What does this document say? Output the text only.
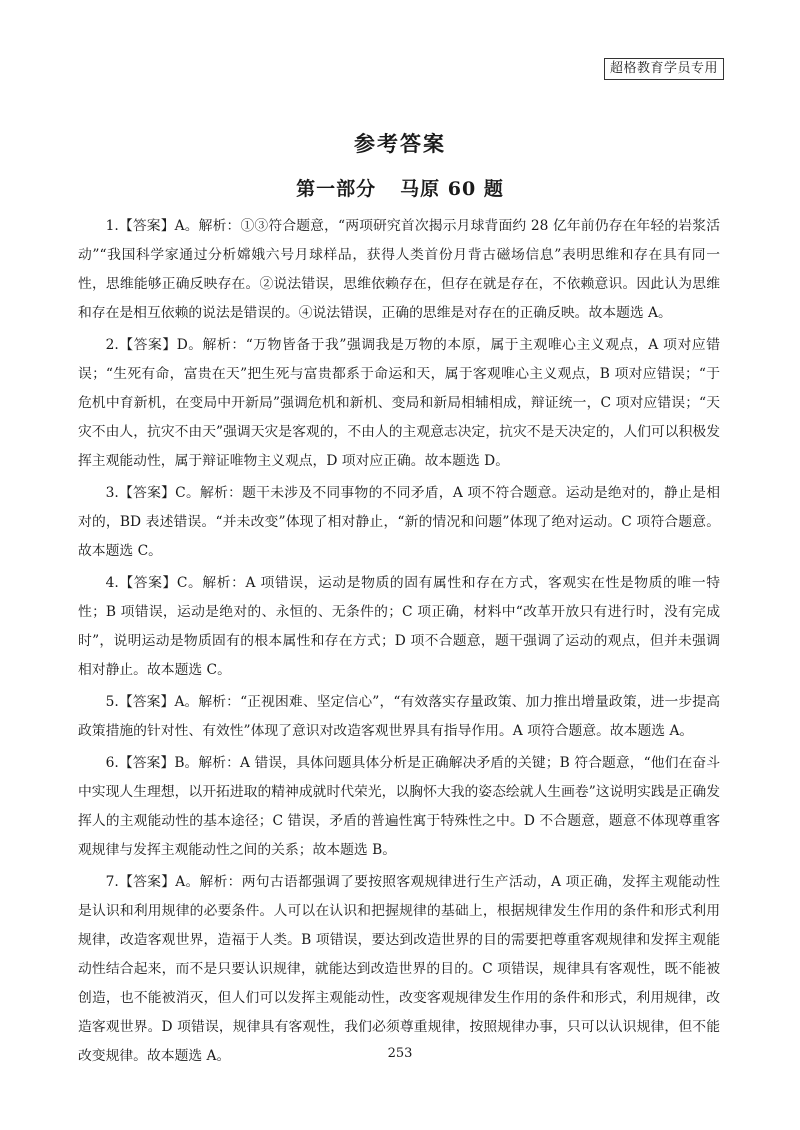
超格教育学员专用
参考答案
第一部分 马原 60 题

1.【答案】A。解析：①③符合题意，“两项研究首次揭示月球背面约 28 亿年前仍存在年轻的岩浆活动”“我国科学家通过分析嫦娥六号月球样品，获得人类首份月背古磁场信息”表明思维和存在具有同一性，思维能够正确反映存在。②说法错误，思维依赖存在，但存在就是存在，不依赖意识。因此认为思维和存在是相互依赖的说法是错误的。④说法错误，正确的思维是对存在的正确反映。故本题选 A。

2.【答案】D。解析：“万物皆备于我”强调我是万物的本原，属于主观唯心主义观点，A 项对应错误；“生死有命，富贵在天”把生死与富贵都系于命运和天，属于客观唯心主义观点，B 项对应错误；“于危机中育新机，在变局中开新局”强调危机和新机、变局和新局相辅相成，辩证统一，C 项对应错误；“天灾不由人，抗灾不由天”强调天灾是客观的，不由人的主观意志决定，抗灾不是天决定的，人们可以积极发挥主观能动性，属于辩证唯物主义观点，D 项对应正确。故本题选 D。

3.【答案】C。解析：题干未涉及不同事物的不同矛盾，A 项不符合题意。运动是绝对的，静止是相对的，BD 表述错误。“并未改变”体现了相对静止，“新的情况和问题”体现了绝对运动。C 项符合题意。故本题选 C。

4.【答案】C。解析：A 项错误，运动是物质的固有属性和存在方式，客观实在性是物质的唯一特性；B 项错误，运动是绝对的、永恒的、无条件的；C 项正确，材料中“改革开放只有进行时，没有完成时”，说明运动是物质固有的根本属性和存在方式；D 项不合题意，题干强调了运动的观点，但并未强调相对静止。故本题选 C。

5.【答案】A。解析：“正视困难、坚定信心”，“有效落实存量政策、加力推出增量政策，进一步提高政策措施的针对性、有效性”体现了意识对改造客观世界具有指导作用。A 项符合题意。故本题选 A。

6.【答案】B。解析：A 错误，具体问题具体分析是正确解决矛盾的关键；B 符合题意，“他们在奋斗中实现人生理想，以开拓进取的精神成就时代荣光，以胸怀大我的姿态绘就人生画卷”这说明实践是正确发挥人的主观能动性的基本途径；C 错误，矛盾的普遍性寓于特殊性之中。D 不合题意，题意不体现尊重客观规律与发挥主观能动性之间的关系；故本题选 B。

7.【答案】A。解析：两句古语都强调了要按照客观规律进行生产活动，A 项正确，发挥主观能动性是认识和利用规律的必要条件。人可以在认识和把握规律的基础上，根据规律发生作用的条件和形式利用规律，改造客观世界，造福于人类。B 项错误，要达到改造世界的目的需要把尊重客观规律和发挥主观能动性结合起来，而不是只要认识规律，就能达到改造世界的目的。C 项错误，规律具有客观性，既不能被创造，也不能被消灭，但人们可以发挥主观能动性，改变客观规律发生作用的条件和形式，利用规律，改造客观世界。D 项错误，规律具有客观性，我们必须尊重规律，按照规律办事，只可以认识规律，但不能改变规律。故本题选 A。	253
